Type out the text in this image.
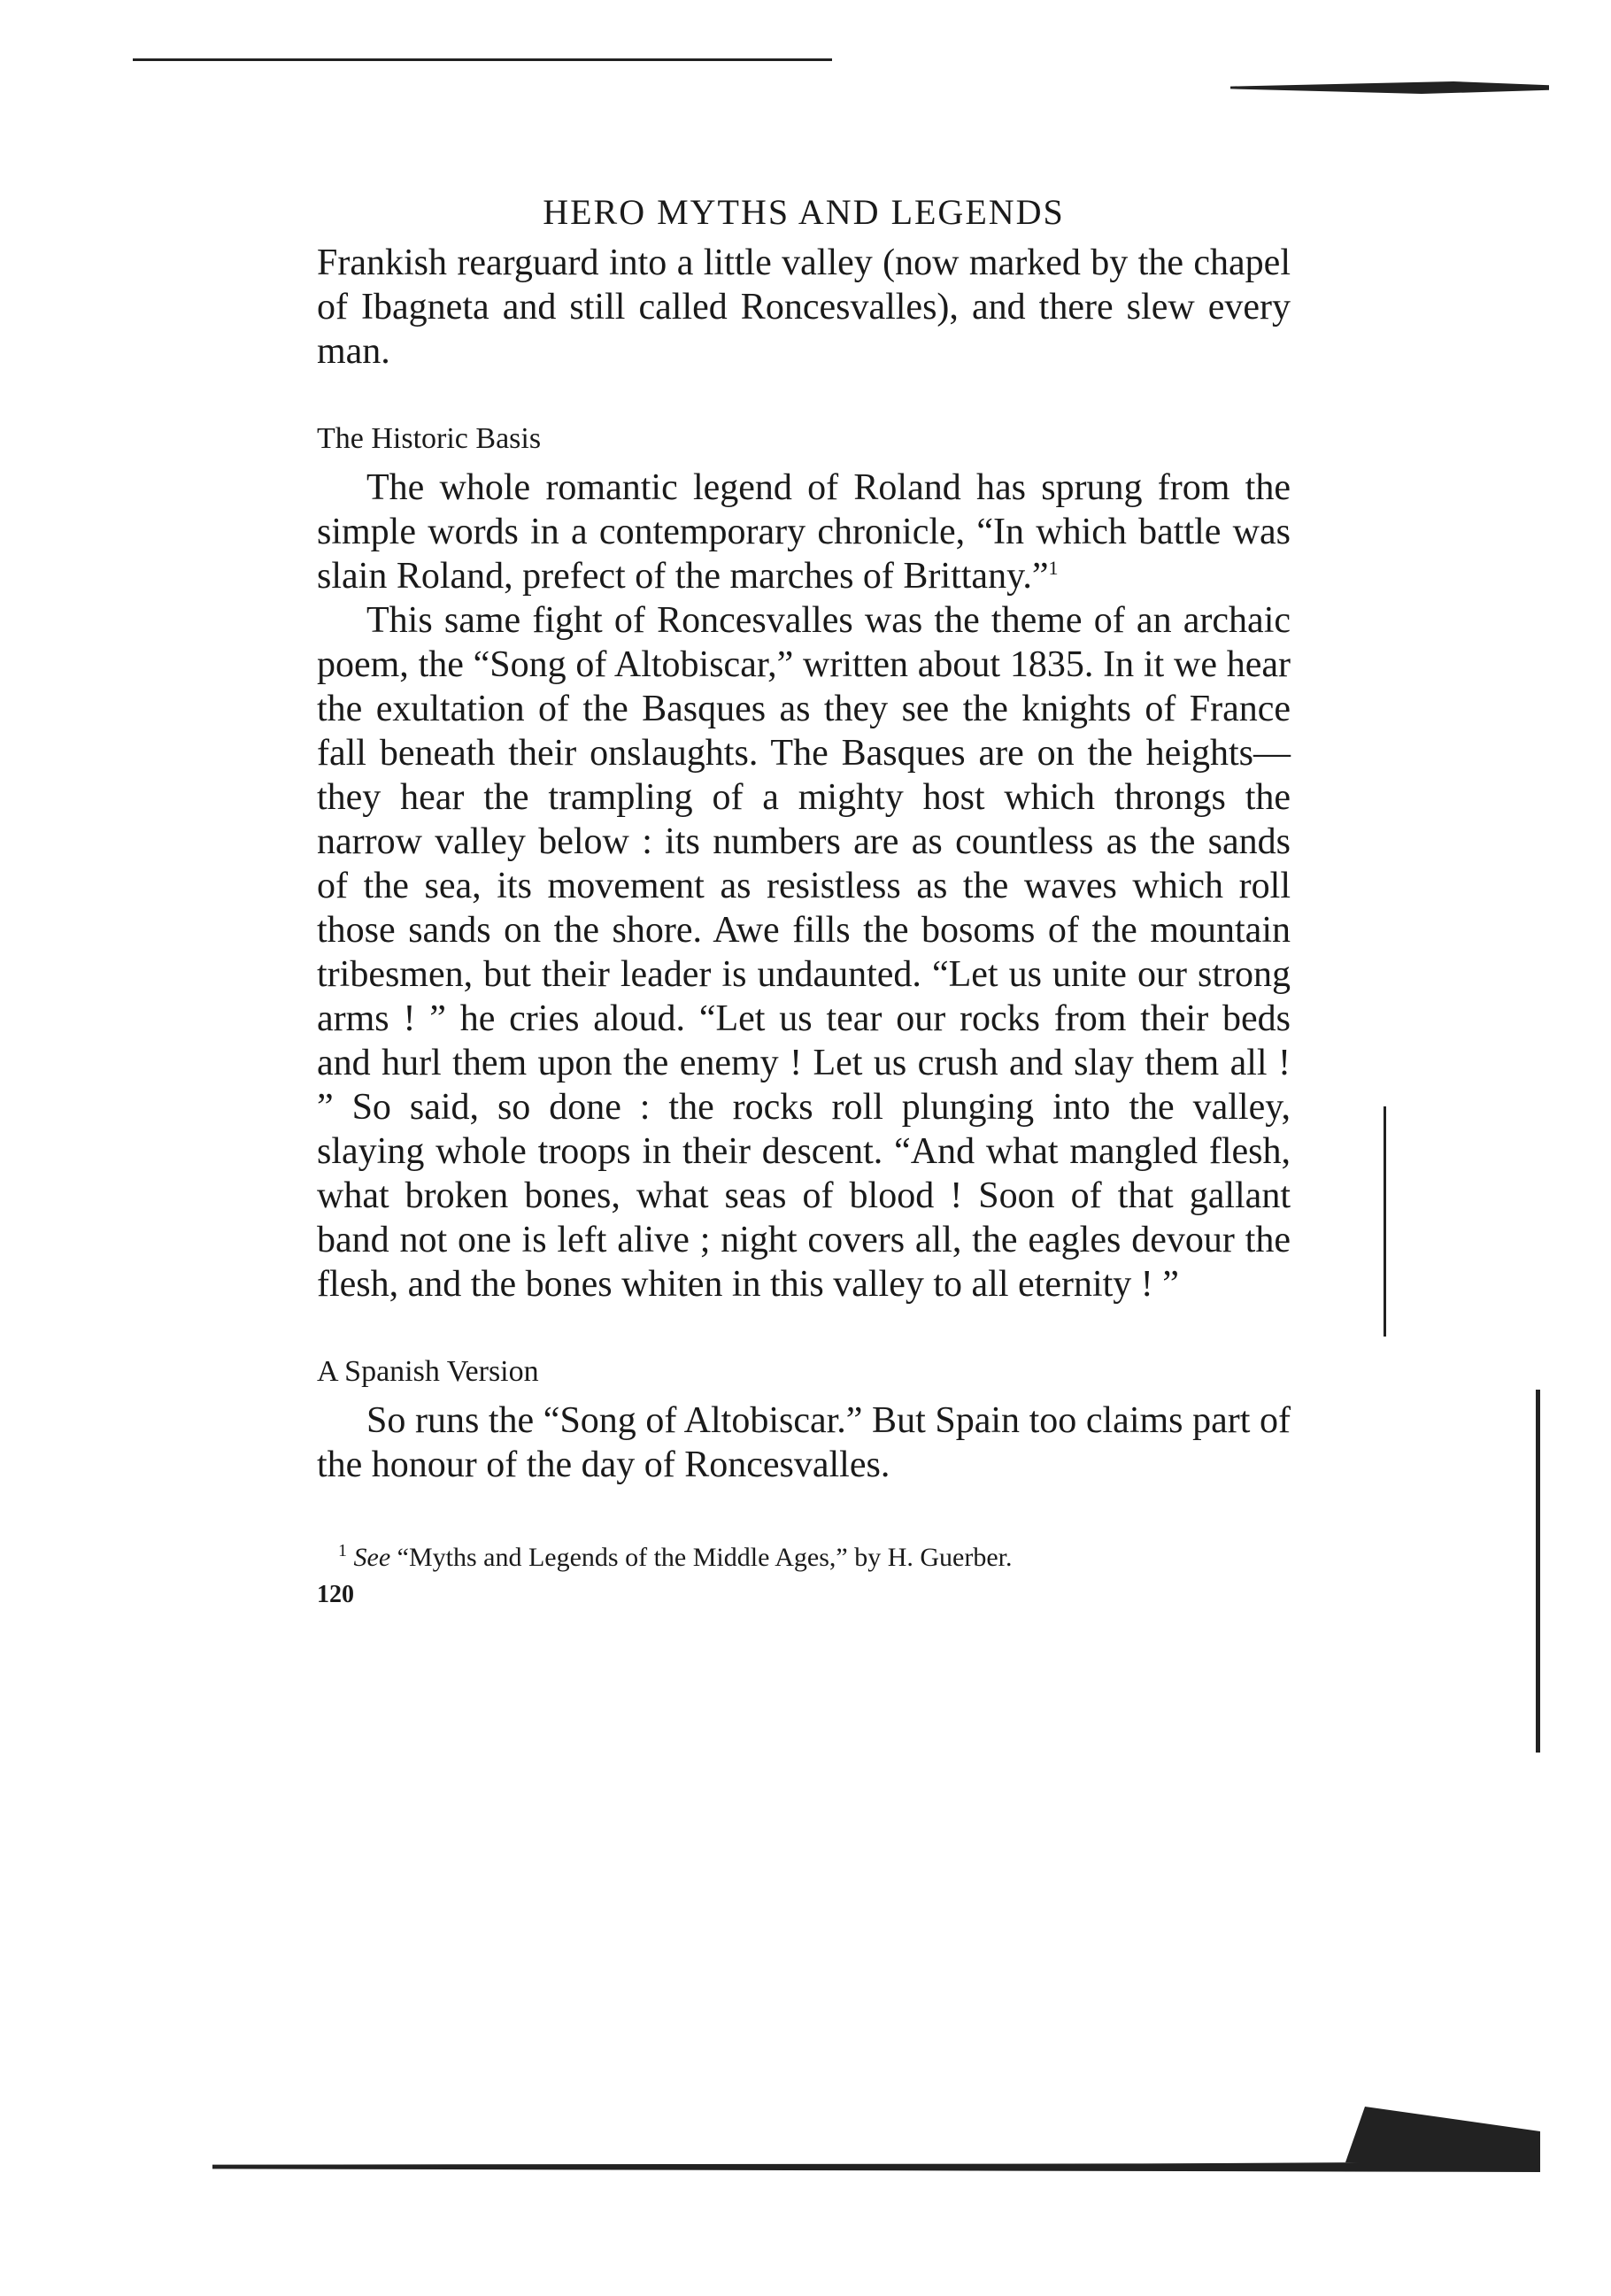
HERO MYTHS AND LEGENDS

Frankish rearguard into a little valley (now marked by the chapel of Ibagneta and still called Roncesvalles), and there slew every man.

The Historic Basis

The whole romantic legend of Roland has sprung from the simple words in a contemporary chronicle, “In which battle was slain Roland, prefect of the marches of Brittany.”$^1$

This same fight of Roncesvalles was the theme of an archaic poem, the “Song of Altobiscar,” written about 1835. In it we hear the exultation of the Basques as they see the knights of France fall beneath their onslaughts. The Basques are on the heights—they hear the trampling of a mighty host which throngs the narrow valley below : its numbers are as countless as the sands of the sea, its movement as resistless as the waves which roll those sands on the shore. Awe fills the bosoms of the mountain tribesmen, but their leader is undaunted. “Let us unite our strong arms ! ” he cries aloud. “Let us tear our rocks from their beds and hurl them upon the enemy ! Let us crush and slay them all ! ” So said, so done : the rocks roll plunging into the valley, slaying whole troops in their descent. “And what mangled flesh, what broken bones, what seas of blood ! Soon of that gallant band not one is left alive ; night covers all, the eagles devour the flesh, and the bones whiten in this valley to all eternity ! ”

A Spanish Version

So runs the “Song of Altobiscar.” But Spain too claims part of the honour of the day of Roncesvalles.

$^1$ See “Myths and Legends of the Middle Ages,” by H. Guerber.
120
